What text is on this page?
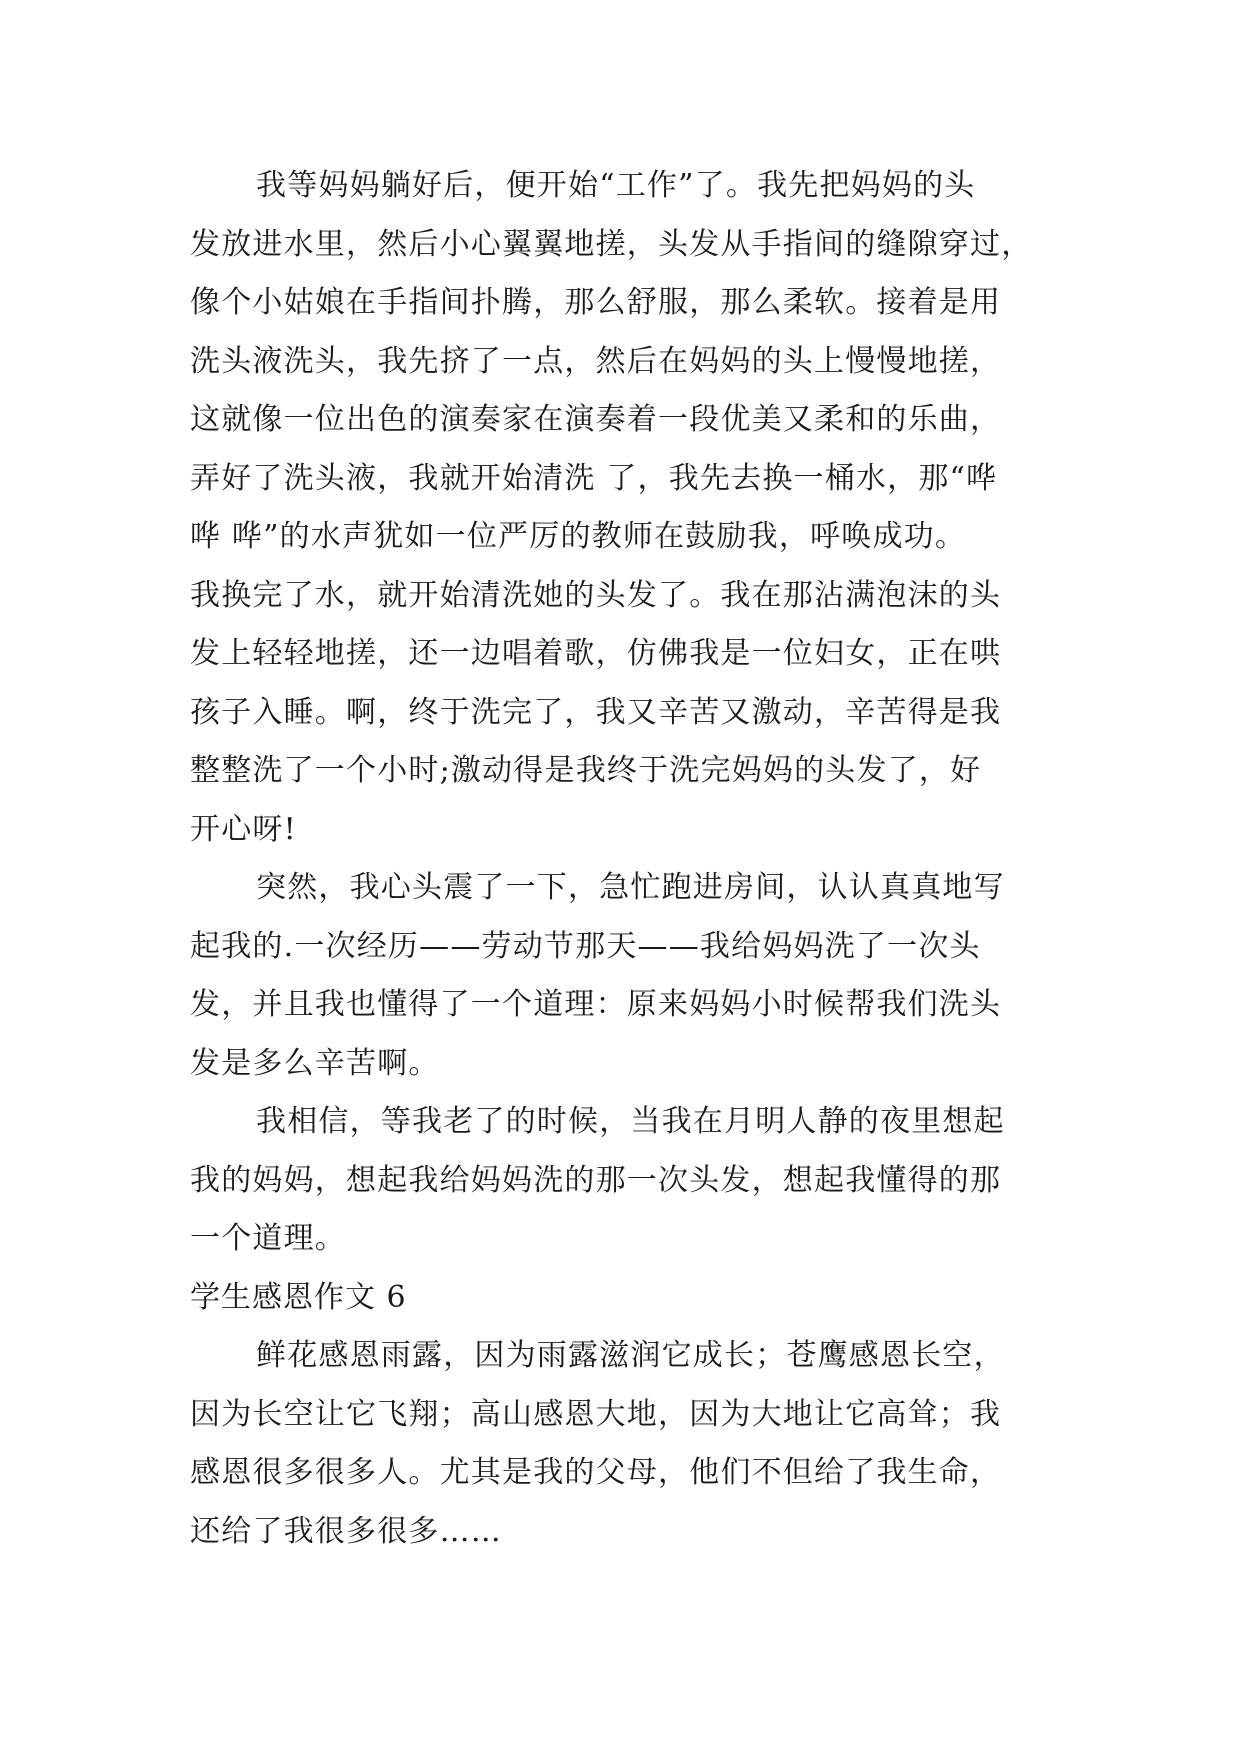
我等妈妈躺好后，便开始“工作”了。我先把妈妈的头
发放进水里，然后小心翼翼地搓，头发从手指间的缝隙穿过，
像个小姑娘在手指间扑腾，那么舒服，那么柔软。接着是用
洗头液洗头，我先挤了一点，然后在妈妈的头上慢慢地搓，
这就像一位出色的演奏家在演奏着一段优美又柔和的乐曲，
弄好了洗头液，我就开始清洗 了，我先去换一桶水，那“哗
哗 哗”的水声犹如一位严厉的教师在鼓励我，呼唤成功。
我换完了水，就开始清洗她的头发了。我在那沾满泡沫的头
发上轻轻地搓，还一边唱着歌，仿佛我是一位妇女，正在哄
孩子入睡。啊，终于洗完了，我又辛苦又激动，辛苦得是我
整整洗了一个小时;激动得是我终于洗完妈妈的头发了，好
开心呀!
突然，我心头震了一下，急忙跑进房间，认认真真地写
起我的.一次经历——劳动节那天——我给妈妈洗了一次头
发，并且我也懂得了一个道理：原来妈妈小时候帮我们洗头
发是多么辛苦啊。
我相信，等我老了的时候，当我在月明人静的夜里想起
我的妈妈，想起我给妈妈洗的那一次头发，想起我懂得的那
一个道理。
学生感恩作文 6
鲜花感恩雨露，因为雨露滋润它成长；苍鹰感恩长空，
因为长空让它飞翔；高山感恩大地，因为大地让它高耸；我
感恩很多很多人。尤其是我的父母，他们不但给了我生命，
还给了我很多很多……
